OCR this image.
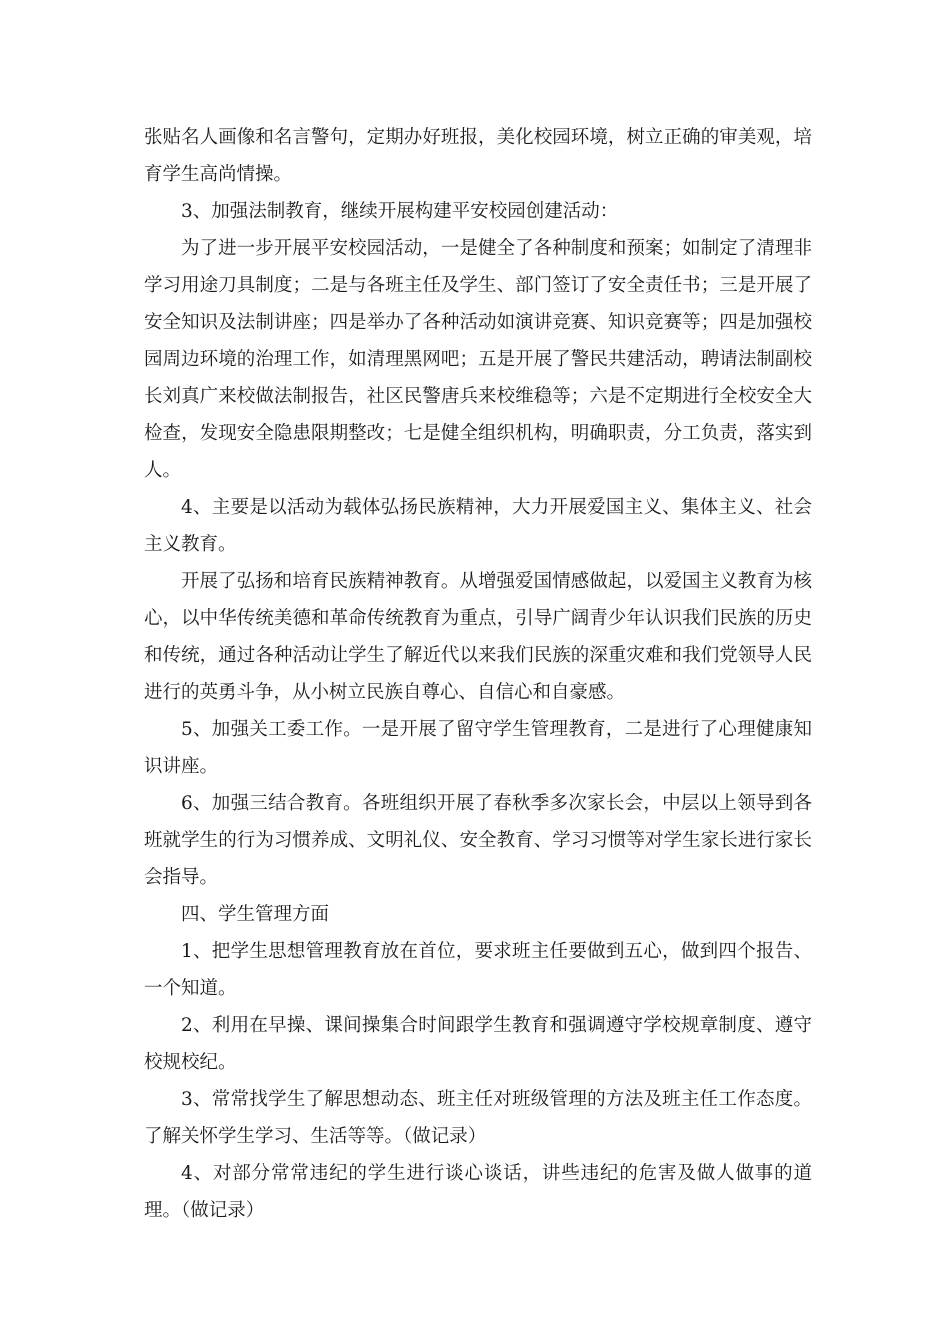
张贴名人画像和名言警句，定期办好班报，美化校园环境，树立正确的审美观，培育学生高尚情操。

3、加强法制教育，继续开展构建平安校园创建活动：

为了进一步开展平安校园活动，一是健全了各种制度和预案；如制定了清理非学习用途刀具制度；二是与各班主任及学生、部门签订了安全责任书；三是开展了安全知识及法制讲座；四是举办了各种活动如演讲竞赛、知识竞赛等；四是加强校园周边环境的治理工作，如清理黑网吧；五是开展了警民共建活动，聘请法制副校长刘真广来校做法制报告，社区民警唐兵来校维稳等；六是不定期进行全校安全大检查，发现安全隐患限期整改；七是健全组织机构，明确职责，分工负责，落实到人。

4、主要是以活动为载体弘扬民族精神，大力开展爱国主义、集体主义、社会主义教育。

开展了弘扬和培育民族精神教育。从增强爱国情感做起，以爱国主义教育为核心，以中华传统美德和革命传统教育为重点，引导广阔青少年认识我们民族的历史和传统，通过各种活动让学生了解近代以来我们民族的深重灾难和我们党领导人民进行的英勇斗争，从小树立民族自尊心、自信心和自豪感。

5、加强关工委工作。一是开展了留守学生管理教育，二是进行了心理健康知识讲座。

6、加强三结合教育。各班组织开展了春秋季多次家长会，中层以上领导到各班就学生的行为习惯养成、文明礼仪、安全教育、学习习惯等对学生家长进行家长会指导。

四、学生管理方面

1、把学生思想管理教育放在首位，要求班主任要做到五心，做到四个报告、一个知道。

2、利用在早操、课间操集合时间跟学生教育和强调遵守学校规章制度、遵守校规校纪。

3、常常找学生了解思想动态、班主任对班级管理的方法及班主任工作态度。了解关怀学生学习、生活等等。（做记录）

4、对部分常常违纪的学生进行谈心谈话，讲些违纪的危害及做人做事的道理。（做记录）
